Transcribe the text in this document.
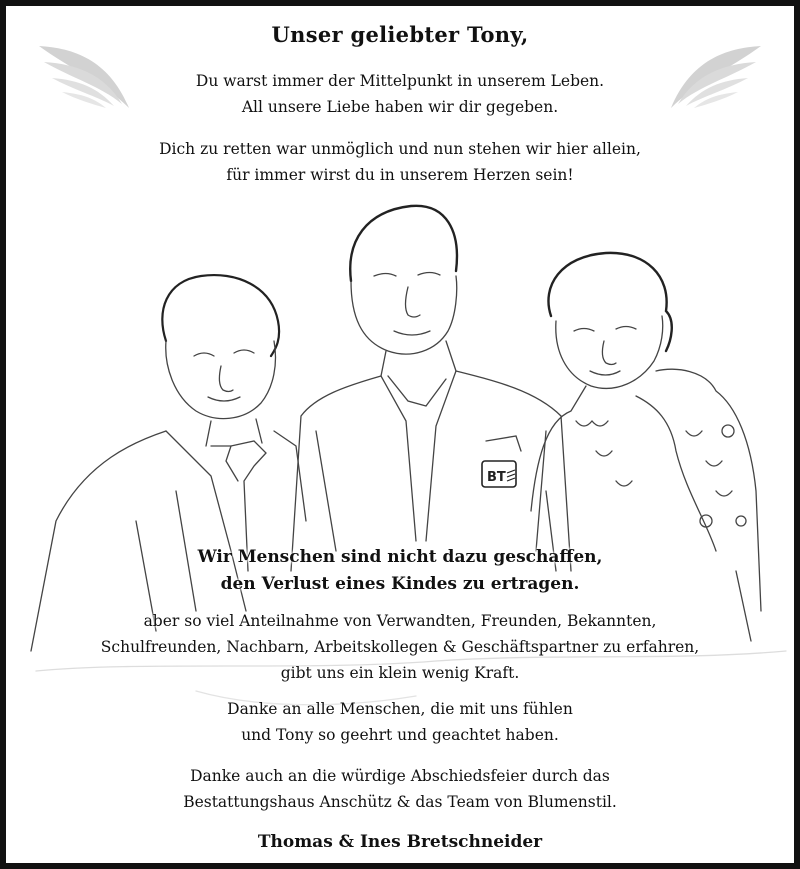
BT
Unser geliebter Tony,
Du warst immer der Mittelpunkt in unserem Leben.
All unsere Liebe haben wir dir gegeben.
Dich zu retten war unmöglich und nun stehen wir hier allein,
für immer wirst du in unserem Herzen sein!
Wir Menschen sind nicht dazu geschaffen,
den Verlust eines Kindes zu ertragen.
aber so viel Anteilnahme von Verwandten, Freunden, Bekannten,
Schulfreunden, Nachbarn, Arbeitskollegen & Geschäftspartner zu erfahren,
gibt uns ein klein wenig Kraft.
Danke an alle Menschen, die mit uns fühlen
und Tony so geehrt und geachtet haben.
Danke auch an die würdige Abschiedsfeier durch das
Bestattungshaus Anschütz & das Team von Blumenstil.
Thomas & Ines Bretschneider
